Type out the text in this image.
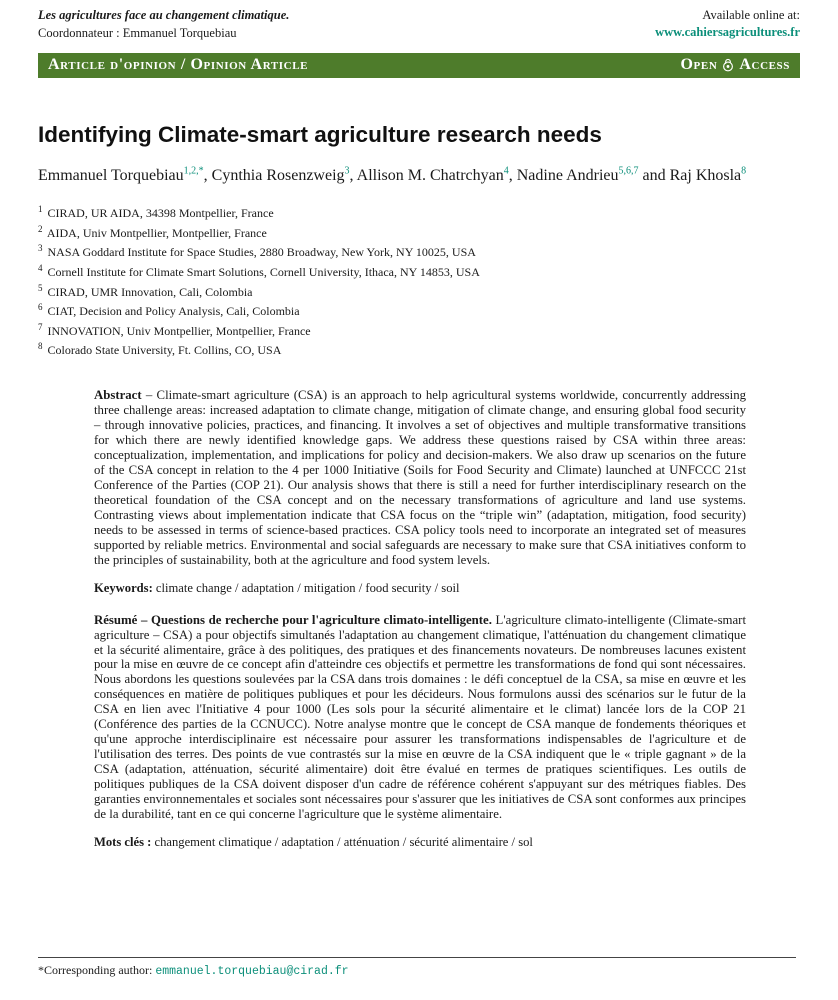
Les agricultures face au changement climatique.
Coordonnateur : Emmanuel Torquebiau
Available online at:
www.cahiersagricultures.fr
Article d'opinion / Opinion Article	Open Access
Identifying Climate-smart agriculture research needs

Emmanuel Torquebiau$^{1,2,*}$, Cynthia Rosenzweig$^3$, Allison M. Chatrchyan$^4$, Nadine Andrieu$^{5,6,7}$ and Raj Khosla$^8$

$^1$ CIRAD, UR AIDA, 34398 Montpellier, France
$^2$ AIDA, Univ Montpellier, Montpellier, France
$^3$ NASA Goddard Institute for Space Studies, 2880 Broadway, New York, NY 10025, USA
$^4$ Cornell Institute for Climate Smart Solutions, Cornell University, Ithaca, NY 14853, USA
$^5$ CIRAD, UMR Innovation, Cali, Colombia
$^6$ CIAT, Decision and Policy Analysis, Cali, Colombia
$^7$ INNOVATION, Univ Montpellier, Montpellier, France
$^8$ Colorado State University, Ft. Collins, CO, USA

Abstract – Climate-smart agriculture (CSA) is an approach to help agricultural systems worldwide, concurrently addressing three challenge areas: increased adaptation to climate change, mitigation of climate change, and ensuring global food security – through innovative policies, practices, and financing. It involves a set of objectives and multiple transformative transitions for which there are newly identified knowledge gaps. We address these questions raised by CSA within three areas: conceptualization, implementation, and implications for policy and decision-makers. We also draw up scenarios on the future of the CSA concept in relation to the 4 per 1000 Initiative (Soils for Food Security and Climate) launched at UNFCCC 21st Conference of the Parties (COP 21). Our analysis shows that there is still a need for further interdisciplinary research on the theoretical foundation of the CSA concept and on the necessary transformations of agriculture and land use systems. Contrasting views about implementation indicate that CSA focus on the “triple win” (adaptation, mitigation, food security) needs to be assessed in terms of science-based practices. CSA policy tools need to incorporate an integrated set of measures supported by reliable metrics. Environmental and social safeguards are necessary to make sure that CSA initiatives conform to the principles of sustainability, both at the agriculture and food system levels.

Keywords: climate change / adaptation / mitigation / food security / soil

Résumé – Questions de recherche pour l'agriculture climato-intelligente. L'agriculture climato-intelligente (Climate-smart agriculture – CSA) a pour objectifs simultanés l'adaptation au changement climatique, l'atténuation du changement climatique et la sécurité alimentaire, grâce à des politiques, des pratiques et des financements novateurs. De nombreuses lacunes existent pour la mise en œuvre de ce concept afin d'atteindre ces objectifs et permettre les transformations de fond qui sont nécessaires. Nous abordons les questions soulevées par la CSA dans trois domaines : le défi conceptuel de la CSA, sa mise en œuvre et les conséquences en matière de politiques publiques et pour les décideurs. Nous formulons aussi des scénarios sur le futur de la CSA en lien avec l'Initiative 4 pour 1000 (Les sols pour la sécurité alimentaire et le climat) lancée lors de la COP 21 (Conférence des parties de la CCNUCC). Notre analyse montre que le concept de CSA manque de fondements théoriques et qu'une approche interdisciplinaire est nécessaire pour assurer les transformations indispensables de l'agriculture et de l'utilisation des terres. Des points de vue contrastés sur la mise en œuvre de la CSA indiquent que le « triple gagnant » de la CSA (adaptation, atténuation, sécurité alimentaire) doit être évalué en termes de pratiques scientifiques. Les outils de politiques publiques de la CSA doivent disposer d'un cadre de référence cohérent s'appuyant sur des métriques fiables. Des garanties environnementales et sociales sont nécessaires pour s'assurer que les initiatives de CSA sont conformes aux principes de la durabilité, tant en ce qui concerne l'agriculture que le système alimentaire.

Mots clés : changement climatique / adaptation / atténuation / sécurité alimentaire / sol

*Corresponding author: emmanuel.torquebiau@cirad.fr
